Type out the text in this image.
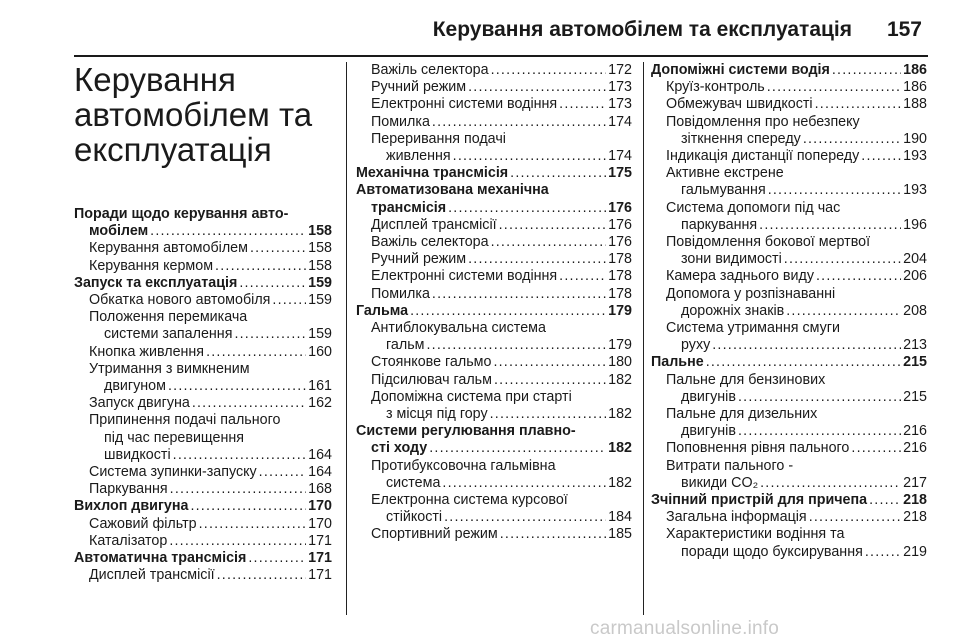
Керування автомобілем та експлуатація 157
Керування
автомобілем та
експлуатація
Поради щодо керування авто-
мобілем .....	158
Керування автомобілем .....	158
Керування кермом .....	158
Запуск та експлуатація .....	159
Обкатка нового автомобіля .....	159
Положення перемикача
системи запалення .....	159
Кнопка живлення .....	160
Утримання з вимкненим
двигуном .....	161
Запуск двигуна .....	162
Припинення подачі пального
під час перевищення
швидкості .....	164
Система зупинки-запуску .....	164
Паркування .....	168
Вихлоп двигуна .....	170
Сажовий фільтр .....	170
Каталізатор .....	171
Автоматична трансмісія .....	171
Дисплей трансмісії .....	171
Важіль селектора .....	172
Ручний режим .....	173
Електронні системи водіння .....	173
Помилка .....	174
Переривання подачі
живлення .....	174
Механічна трансмісія .....	175
Автоматизована механічна
трансмісія .....	176
Дисплей трансмісії .....	176
Важіль селектора .....	176
Ручний режим .....	178
Електронні системи водіння .....	178
Помилка .....	178
Гальма .....	179
Антиблокувальна система
гальм .....	179
Стоянкове гальмо .....	180
Підсилювач гальм .....	182
Допоміжна система при старті
з місця під гору .....	182
Системи регулювання плавно-
сті ходу .....	182
Протибуксовочна гальмівна
система .....	182
Електронна система курсової
стійкості .....	184
Спортивний режим .....	185
Допоміжні системи водія .....	186
Круїз-контроль .....	186
Обмежувач швидкості .....	188
Повідомлення про небезпеку
зіткнення спереду .....	190
Індикація дистанції попереду .....	193
Активне екстрене
гальмування .....	193
Система допомоги під час
паркування .....	196
Повідомлення бокової мертвої
зони видимості .....	204
Камера заднього виду .....	206
Допомога у розпізнаванні
дорожніх знаків .....	208
Система утримання смуги
руху .....	213
Пальне .....	215
Пальне для бензинових
двигунів .....	215
Пальне для дизельних
двигунів .....	216
Поповнення рівня пального .....	216
Витрати пального -
викиди CO₂ .....	217
Зчіпний пристрій для причепа .....	218
Загальна інформація .....	218
Характеристики водіння та
поради щодо буксирування .....	219
carmanualsonline.info
